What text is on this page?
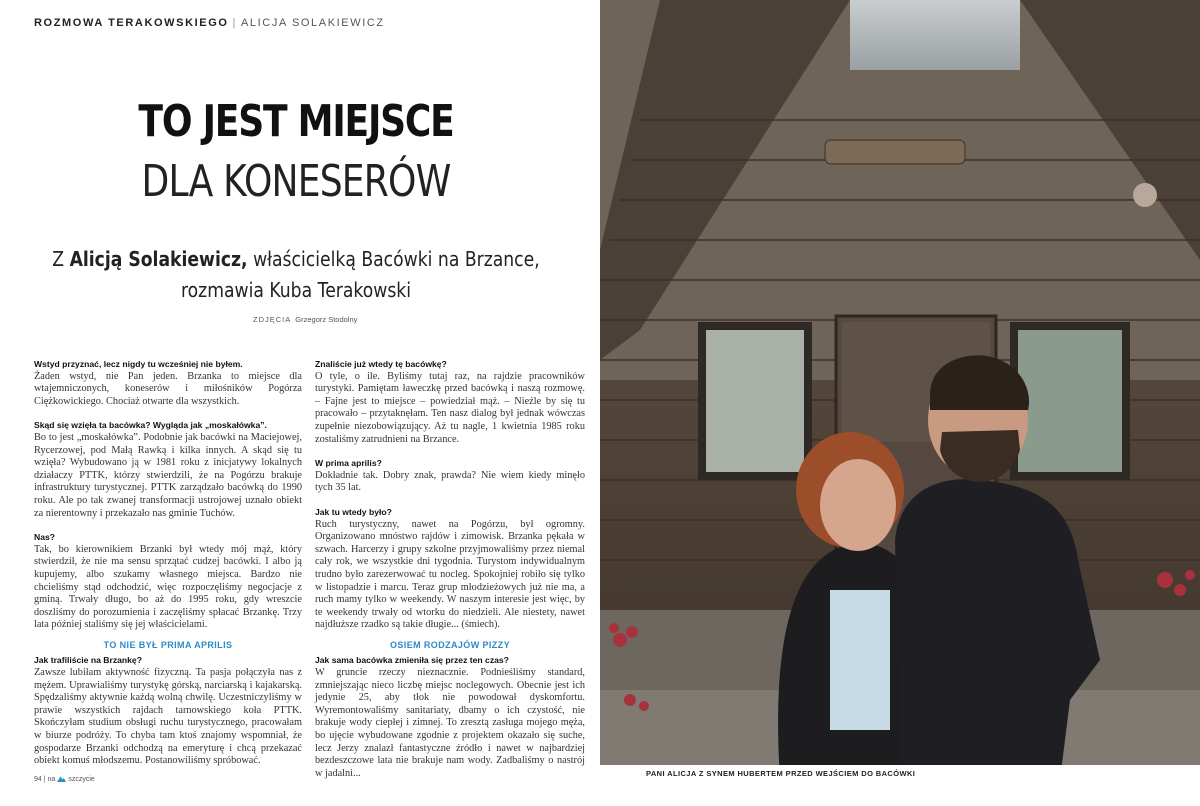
ROZMOWA TERAKOWSKIEGO | ALICJA SOLAKIEWICZ
TO JEST MIEJSCE
DLA KONESERÓW
Z Alicją Solakiewicz, właścicielką Bacówki na Brzance,
rozmawia Kuba Terakowski
ZDJĘCIA Grzegorz Stodolny

Wstyd przyznać, lecz nigdy tu wcześniej nie byłem.
Żaden wstyd, nie Pan jeden. Brzanka to miejsce dla wtajemniczonych, koneserów i miłośników Pogórza Ciężkowickiego. Chociaż otwarte dla wszystkich.

Skąd się wzięła ta bacówka? Wygląda jak „moskałówka”.
Bo to jest „moskałówka”. Podobnie jak bacówki na Maciejowej, Rycerzowej, pod Małą Rawką i kilka innych. A skąd się tu wzięła? Wybudowano ją w 1981 roku z inicjatywy lokalnych działaczy PTTK, którzy stwierdzili, że na Pogórzu brakuje infrastruktury turystycznej. PTTK zarządzało bacówką do 1990 roku. Ale po tak zwanej transformacji ustrojowej uznało obiekt za nierentowny i przekazało nas gminie Tuchów.

Nas?
Tak, bo kierownikiem Brzanki był wtedy mój mąż, który stwierdził, że nie ma sensu sprzątać cudzej bacówki. I albo ją kupujemy, albo szukamy własnego miejsca. Bardzo nie chcieliśmy stąd odchodzić, więc rozpoczęliśmy negocjacje z gminą. Trwały długo, bo aż do 1995 roku, gdy wreszcie doszliśmy do porozumienia i zaczęliśmy spłacać Brzankę. Trzy lata później staliśmy się jej właścicielami.

TO NIE BYŁ PRIMA APRILIS

Jak trafiliście na Brzankę?
Zawsze lubiłam aktywność fizyczną. Ta pasja połączyła nas z mężem. Uprawialiśmy turystykę górską, narciarską i kajakarską. Spędzaliśmy aktywnie każdą wolną chwilę. Uczestniczyliśmy w prawie wszystkich rajdach tarnowskiego koła PTTK. Skończyłam studium obsługi ruchu turystycznego, pracowałam w biurze podróży. To chyba tam ktoś znajomy wspomniał, że gospodarze Brzanki odchodzą na emeryturę i chcą przekazać obiekt komuś młodszemu. Postanowiliśmy spróbować.

Znaliście już wtedy tę bacówkę?
O tyle, o ile. Byliśmy tutaj raz, na rajdzie pracowników turystyki. Pamiętam ławeczkę przed bacówką i naszą rozmowę. – Fajne jest to miejsce – powiedział mąż. – Nieźle by się tu pracowało – przytaknęłam. Ten nasz dialog był jednak wówczas zupełnie niezobowiązujący. Aż tu nagle, 1 kwietnia 1985 roku zostaliśmy zatrudnieni na Brzance.

W prima aprilis?
Dokładnie tak. Dobry znak, prawda? Nie wiem kiedy minęło tych 35 lat.

Jak tu wtedy było?
Ruch turystyczny, nawet na Pogórzu, był ogromny. Organizowano mnóstwo rajdów i zimowisk. Brzanka pękała w szwach. Harcerzy i grupy szkolne przyjmowaliśmy przez niemal cały rok, we wszystkie dni tygodnia. Turystom indywidualnym trudno było zarezerwować tu nocleg. Spokojniej robiło się tylko w listopadzie i marcu. Teraz grup młodzieżowych już nie ma, a ruch mamy tylko w weekendy. W naszym interesie jest więc, by te weekendy trwały od wtorku do niedzieli. Ale niestety, nawet najdłuższe rzadko są takie długie... (śmiech).

OSIEM RODZAJÓW PIZZY

Jak sama bacówka zmieniła się przez ten czas?
W gruncie rzeczy nieznacznie. Podnieśliśmy standard, zmniejszając nieco liczbę miejsc noclegowych. Obecnie jest ich jedynie 25, aby tłok nie powodował dyskomfortu. Wyremontowaliśmy sanitariaty, dbamy o ich czystość, nie brakuje wody ciepłej i zimnej. To zresztą zasługa mojego męża, bo ujęcie wybudowane zgodnie z projektem okazało się suche, lecz Jerzy znalazł fantastyczne źródło i nawet w najbardziej bezdeszczowe lata nie brakuje nam wody. Zadbaliśmy o nastrój w jadalni...

94 | na szczycie
PANI ALICJA Z SYNEM HUBERTEM PRZED WEJŚCIEM DO BACÓWKI
